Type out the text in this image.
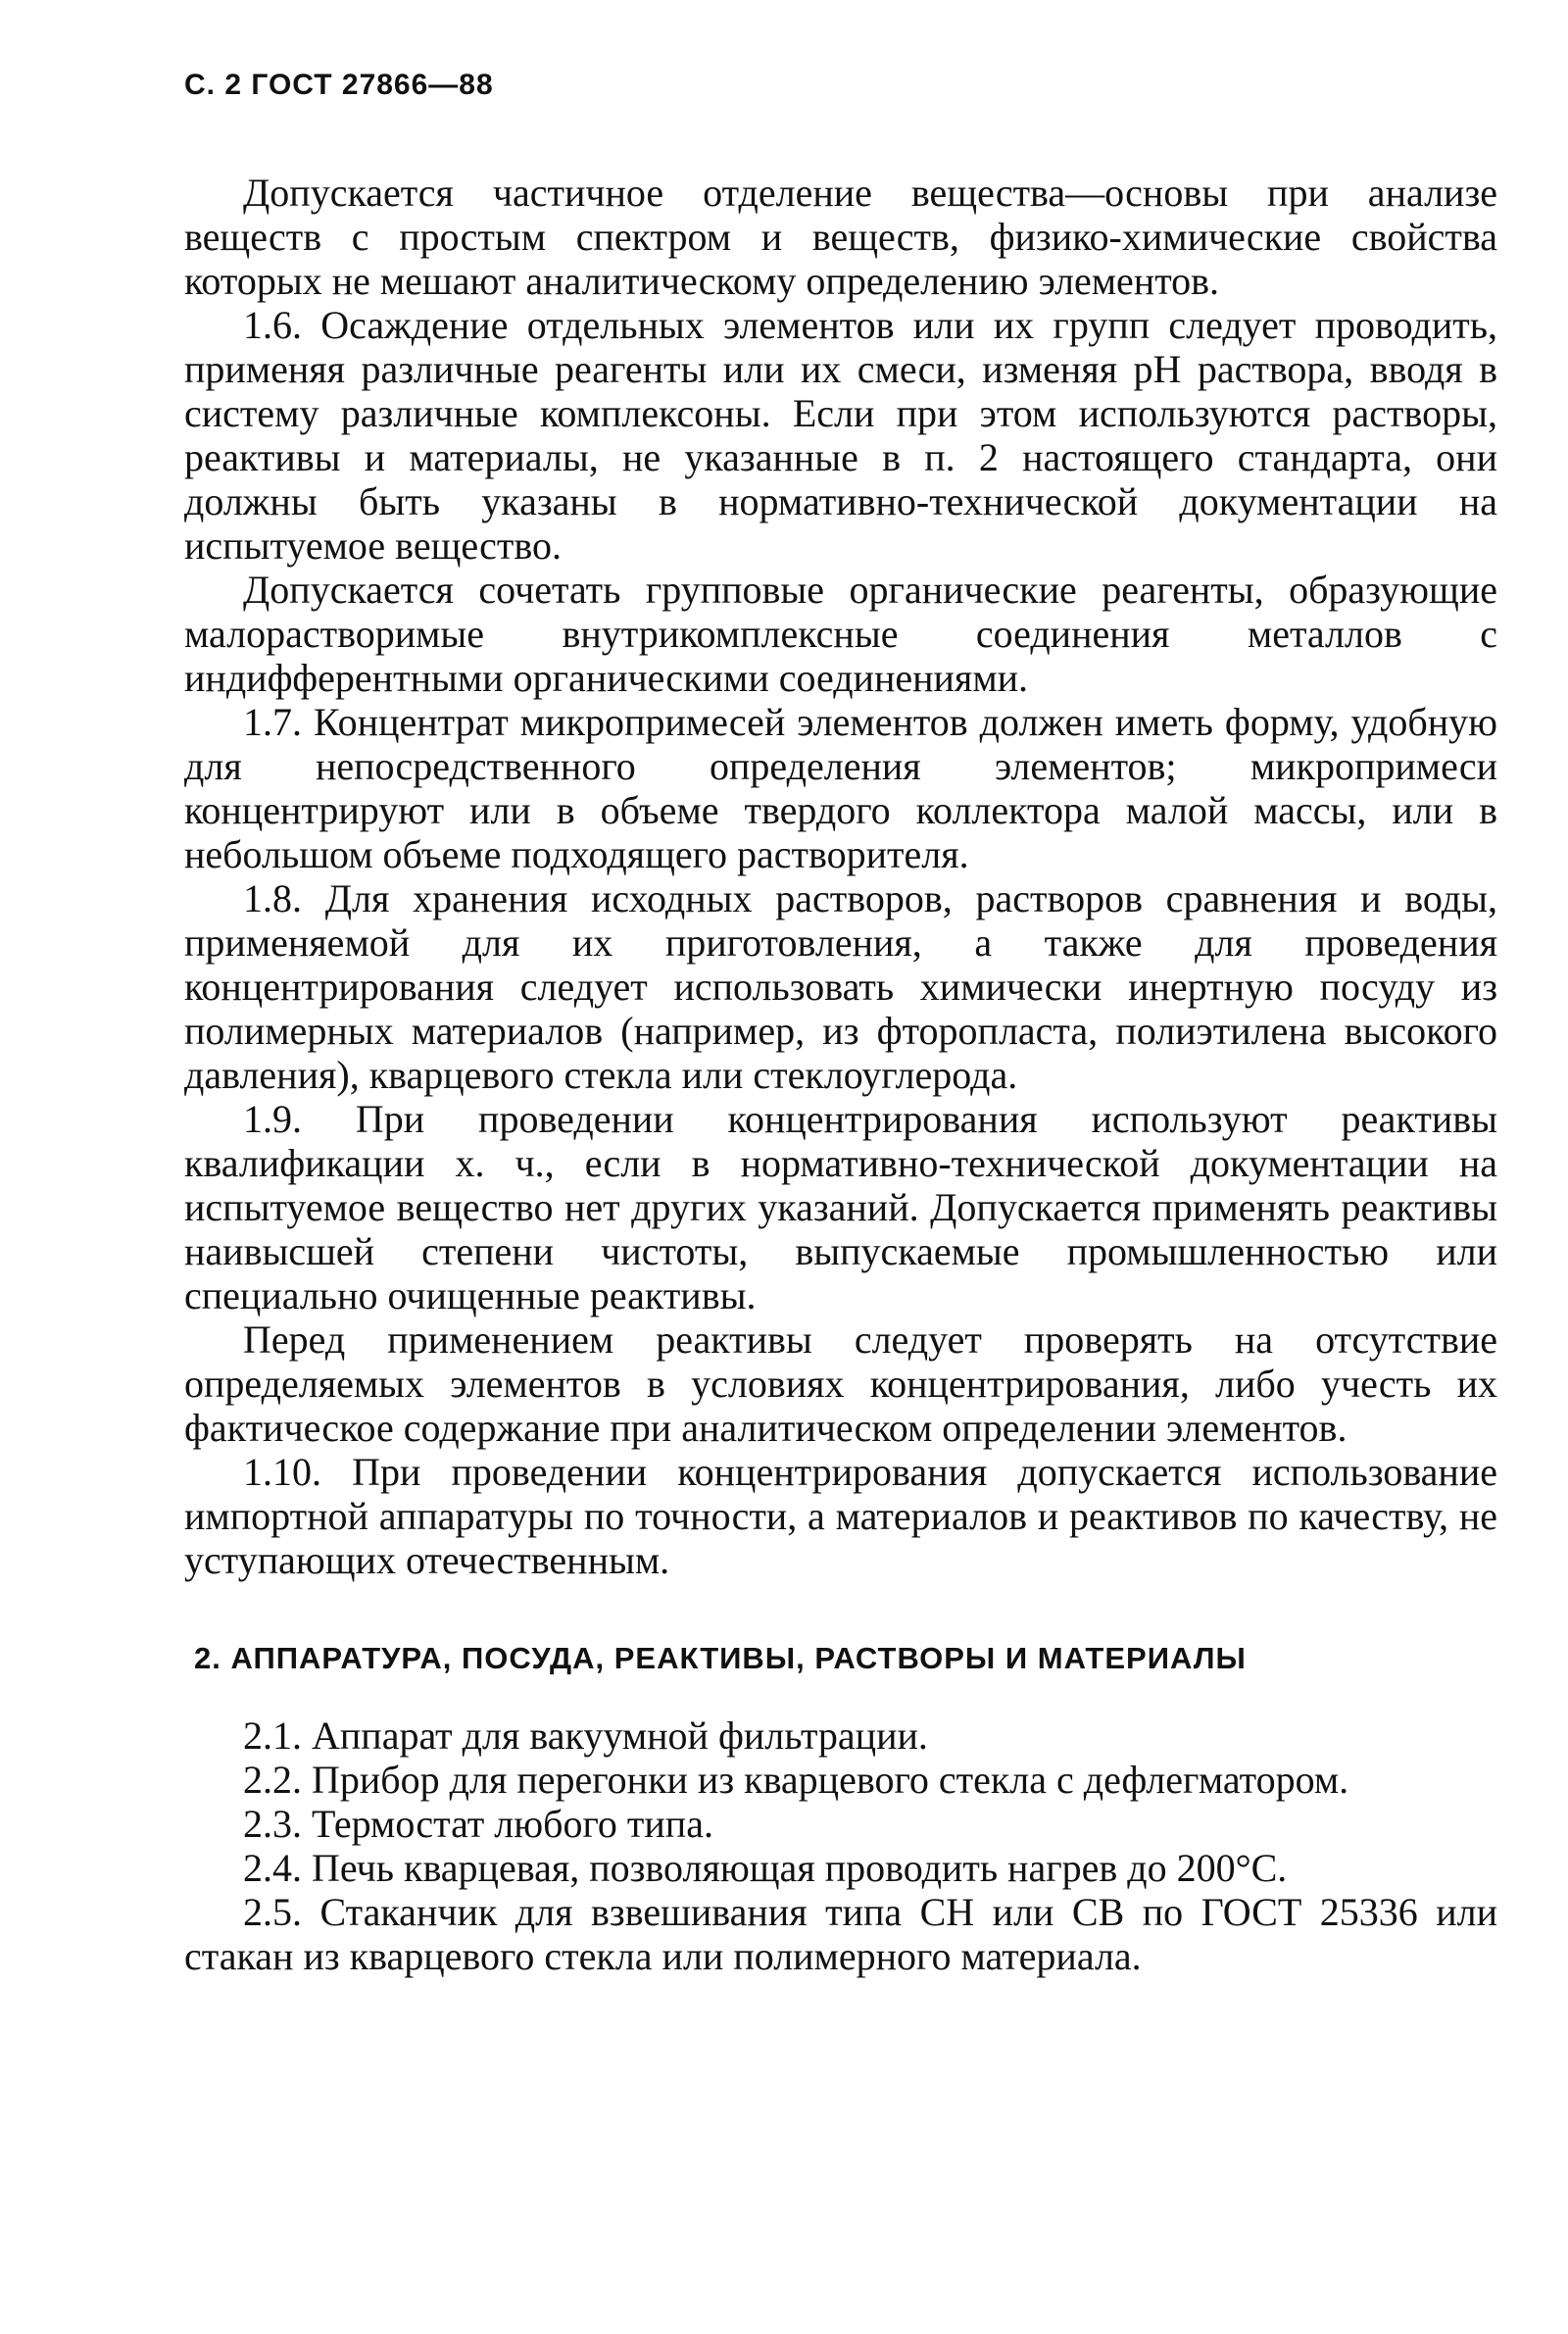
С. 2 ГОСТ 27866—88

Допускается частичное отделение вещества—основы при анализе веществ с простым спектром и веществ, физико-химические свойства которых не мешают аналитическому определению элементов.

1.6. Осаждение отдельных элементов или их групп следует проводить, применяя различные реагенты или их смеси, изменяя pH раствора, вводя в систему различные комплексоны. Если при этом используются растворы, реактивы и материалы, не указанные в п. 2 настоящего стандарта, они должны быть указаны в нормативно-технической документации на испытуемое вещество.

Допускается сочетать групповые органические реагенты, образующие малорастворимые внутрикомплексные соединения металлов с индифферентными органическими соединениями.

1.7. Концентрат микропримесей элементов должен иметь форму, удобную для непосредственного определения элементов; микропримеси концентрируют или в объеме твердого коллектора малой массы, или в небольшом объеме подходящего растворителя.

1.8. Для хранения исходных растворов, растворов сравнения и воды, применяемой для их приготовления, а также для проведения концентрирования следует использовать химически инертную посуду из полимерных материалов (например, из фторопласта, полиэтилена высокого давления), кварцевого стекла или стеклоуглерода.

1.9. При проведении концентрирования используют реактивы квалификации х. ч., если в нормативно-технической документации на испытуемое вещество нет других указаний. Допускается применять реактивы наивысшей степени чистоты, выпускаемые промышленностью или специально очищенные реактивы.

Перед применением реактивы следует проверять на отсутствие определяемых элементов в условиях концентрирования, либо учесть их фактическое содержание при аналитическом определении элементов.

1.10. При проведении концентрирования допускается использование импортной аппаратуры по точности, а материалов и реактивов по качеству, не уступающих отечественным.

2. АППАРАТУРА, ПОСУДА, РЕАКТИВЫ, РАСТВОРЫ И МАТЕРИАЛЫ

2.1. Аппарат для вакуумной фильтрации.

2.2. Прибор для перегонки из кварцевого стекла с дефлегматором.

2.3. Термостат любого типа.

2.4. Печь кварцевая, позволяющая проводить нагрев до 200°С.

2.5. Стаканчик для взвешивания типа СН или СВ по ГОСТ 25336 или стакан из кварцевого стекла или полимерного материала.
